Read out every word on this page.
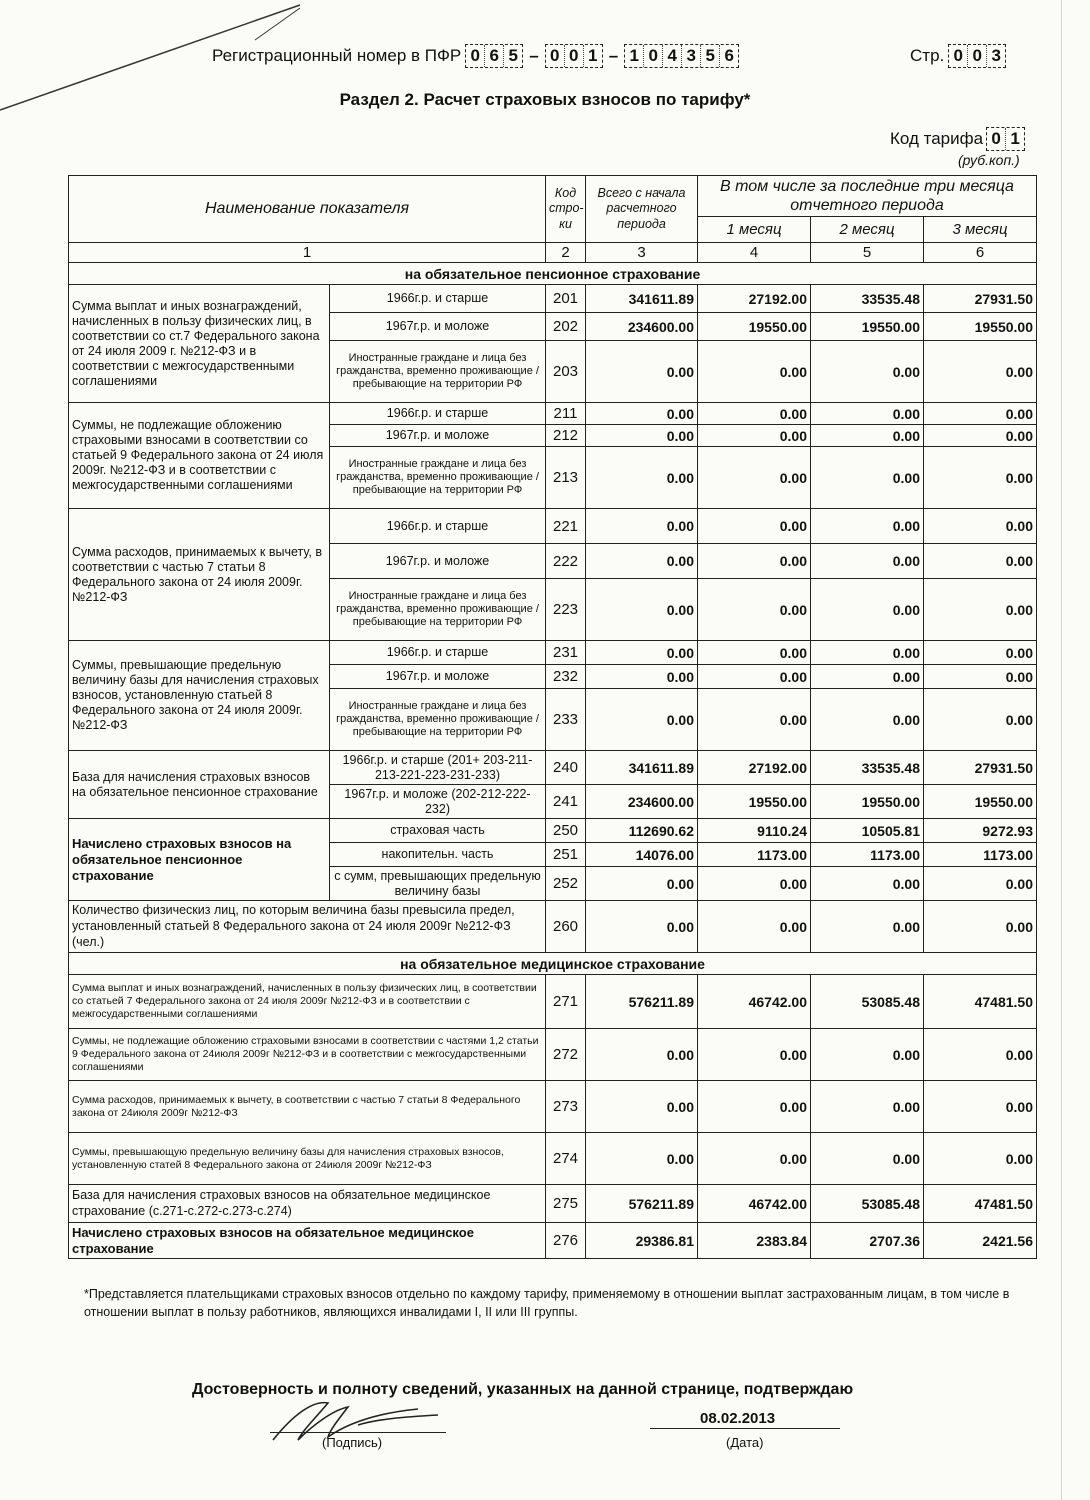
Регистрационный номер в ПФР 0 6 5 – 0 0 1 – 1 0 4 3 5 6	Стр. 0 0 3
Раздел 2. Расчет страховых взносов по тарифу*
Код тарифа 0 1
(руб.коп.)
Наименование показателя		Код стро-ки	Всего с начала расчетного периода	В том числе за последние три месяца отчетного периода		
				1 месяц	2 месяц	3 месяц
1		2	3	4	5	6
на обязательное пенсионное страхование						
Сумма выплат и иных вознаграждений, начисленных в пользу физических лиц, в соответствии со ст.7 Федерального закона от 24 июля 2009 г. №212-ФЗ и в соответствии с межгосударственными соглашениями	1966г.р. и старше	201	341611.89	27192.00	33535.48	27931.50
	1967г.р. и моложе	202	234600.00	19550.00	19550.00	19550.00
	Иностранные граждане и лица без гражданства, временно проживающие / пребывающие на территории РФ	203	0.00	0.00	0.00	0.00
Суммы, не подлежащие обложению страховыми взносами в соответствии со статьей 9 Федерального закона от 24 июля 2009г. №212-ФЗ и в соответствии с межгосударственными соглашениями	1966г.р. и старше	211	0.00	0.00	0.00	0.00
	1967г.р. и моложе	212	0.00	0.00	0.00	0.00
	Иностранные граждане и лица без гражданства, временно проживающие / пребывающие на территории РФ	213	0.00	0.00	0.00	0.00
Сумма расходов, принимаемых к вычету, в соответствии с частью 7 статьи 8 Федерального закона от 24 июля 2009г. №212-ФЗ	1966г.р. и старше	221	0.00	0.00	0.00	0.00
	1967г.р. и моложе	222	0.00	0.00	0.00	0.00
	Иностранные граждане и лица без гражданства, временно проживающие / пребывающие на территории РФ	223	0.00	0.00	0.00	0.00
Суммы, превышающие предельную величину базы для начисления страховых взносов, установленную статьей 8 Федерального закона от 24 июля 2009г.№212-ФЗ	1966г.р. и старше	231	0.00	0.00	0.00	0.00
	1967г.р. и моложе	232	0.00	0.00	0.00	0.00
	Иностранные граждане и лица без гражданства, временно проживающие / пребывающие на территории РФ	233	0.00	0.00	0.00	0.00
База для начисления страховых взносов на обязательное пенсионное страхование	1966г.р. и старше (201+ 203-211-213-221-223-231-233)	240	341611.89	27192.00	33535.48	27931.50
	1967г.р. и моложе (202-212-222-232)	241	234600.00	19550.00	19550.00	19550.00
Начислено страховых взносов на обязательное пенсионное страхование	страховая часть	250	112690.62	9110.24	10505.81	9272.93
	накопительн. часть	251	14076.00	1173.00	1173.00	1173.00
	с сумм, превышающих предельную величину базы	252	0.00	0.00	0.00	0.00
Количество физическиз лиц, по которым величина базы превысила предел, установленный статьей 8 Федерального закона от 24 июля 2009г №212-ФЗ (чел.)		260	0.00	0.00	0.00	0.00
на обязательное медицинское страхование						
Сумма выплат и иных вознаграждений, начисленных в пользу физических лиц, в соответствии со статьей 7 Федерального закона от 24 июля 2009г №212-ФЗ и в соответствии с межгосударственными соглашениями		271	576211.89	46742.00	53085.48	47481.50
Суммы, не подлежащие обложению страховыми взносами в соответствии с частями 1,2 статьи 9 Федерального закона от 24июля 2009г №212-ФЗ и в соответствии с межгосударственными соглашениями		272	0.00	0.00	0.00	0.00
Сумма расходов, принимаемых к вычету, в соответствии с частью 7 статьи 8 Федерального закона от 24июля 2009г №212-ФЗ		273	0.00	0.00	0.00	0.00
Суммы, превышающую предельную величину базы для начисления страховых взносов, установленную статей 8 Федерального закона от 24июля 2009г №212-ФЗ		274	0.00	0.00	0.00	0.00
База для начисления страховых взносов на обязательное медицинское страхование (с.271-с.272-с.273-с.274)		275	576211.89	46742.00	53085.48	47481.50
Начислено страховых взносов на обязательное медицинское страхование		276	29386.81	2383.84	2707.36	2421.56
*Представляется плательщиками страховых взносов отдельно по каждому тарифу, применяемому в отношении выплат застрахованным лицам, в том числе в отношении выплат в пользу работников, являющихся инвалидами I, II или III группы.
Достоверность и полноту сведений, указанных на данной странице, подтверждаю
08.02.2013
(Подпись)	(Дата)
